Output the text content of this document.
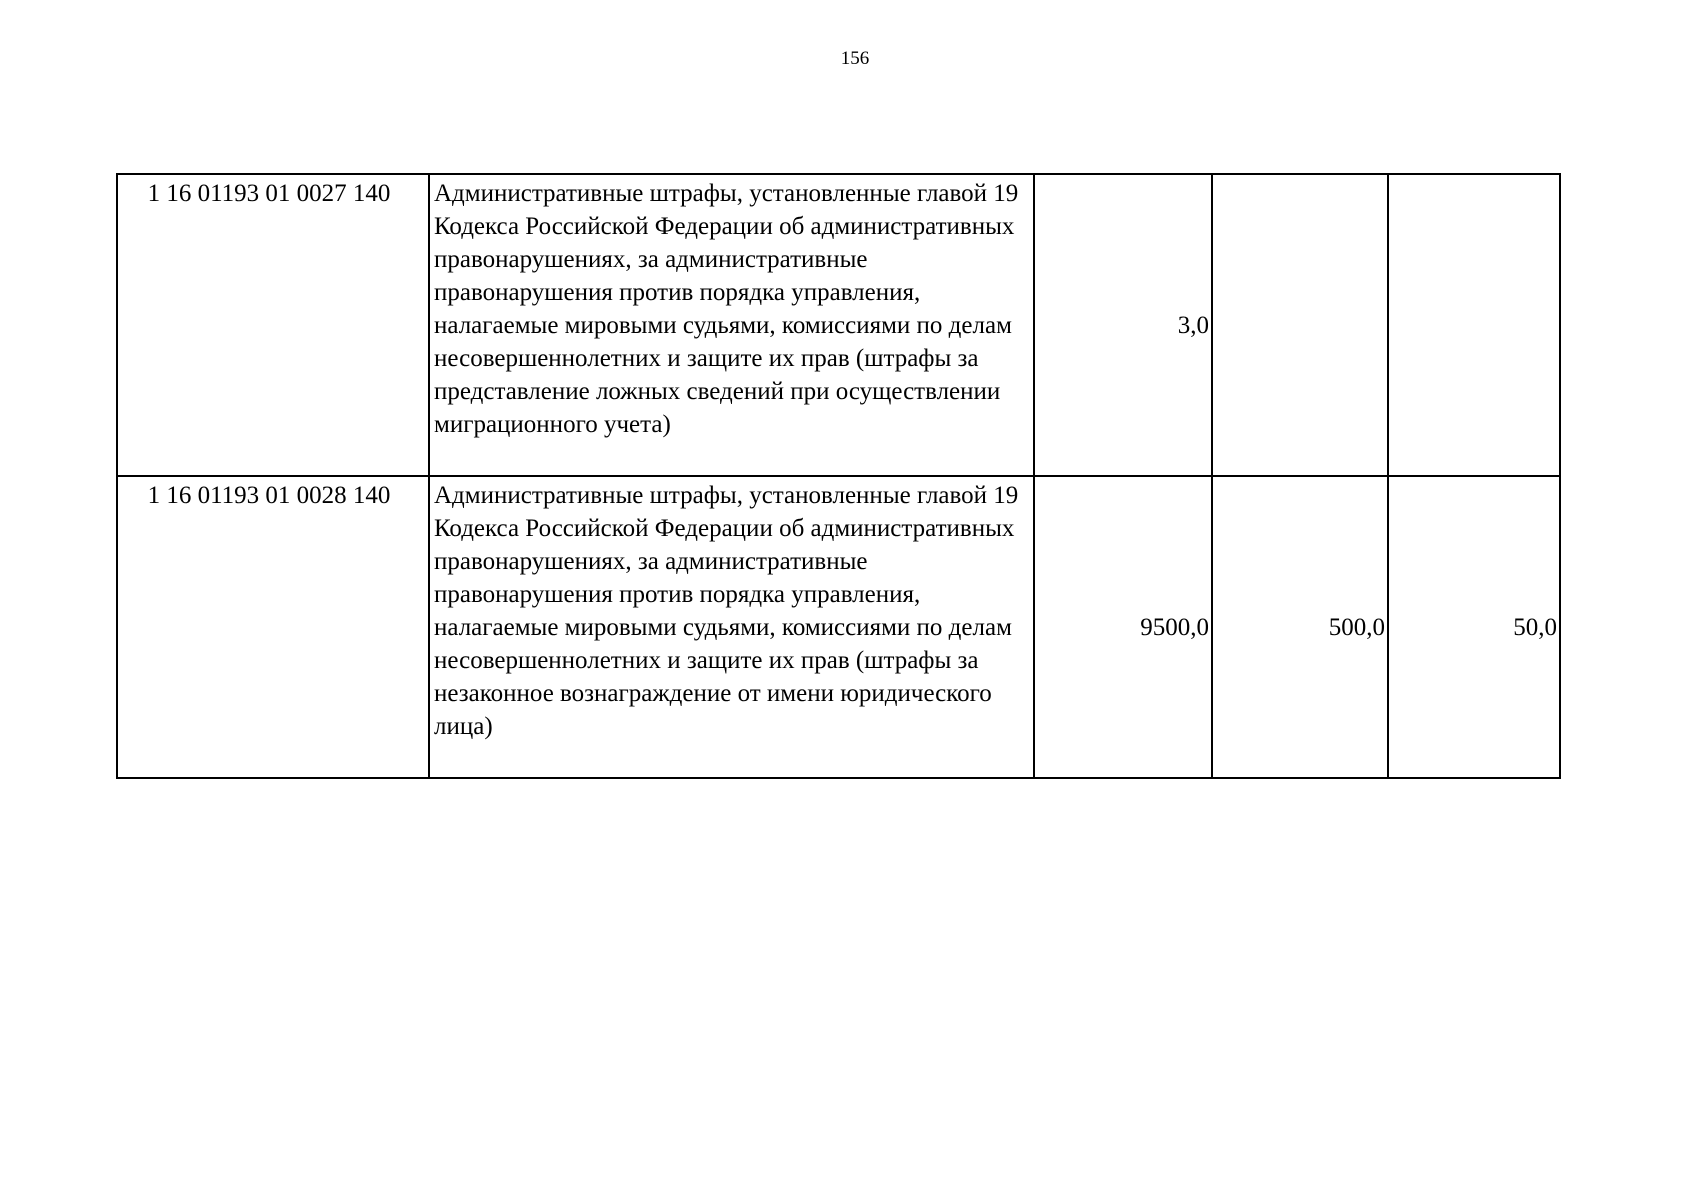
156
1 16 01193 01 0027 140	Административные штрафы, установленные главой 19 Кодекса Российской Федерации об административных правонарушениях, за административные правонарушения против порядка управления, налагаемые мировыми судьями, комиссиями по делам несовершеннолетних и защите их прав (штрафы за представление ложных сведений при осуществлении миграционного учета)	3,0		
1 16 01193 01 0028 140	Административные штрафы, установленные главой 19 Кодекса Российской Федерации об административных правонарушениях, за административные правонарушения против порядка управления, налагаемые мировыми судьями, комиссиями по делам несовершеннолетних и защите их прав (штрафы за незаконное вознаграждение от имени юридического лица)	9500,0	500,0	50,0
